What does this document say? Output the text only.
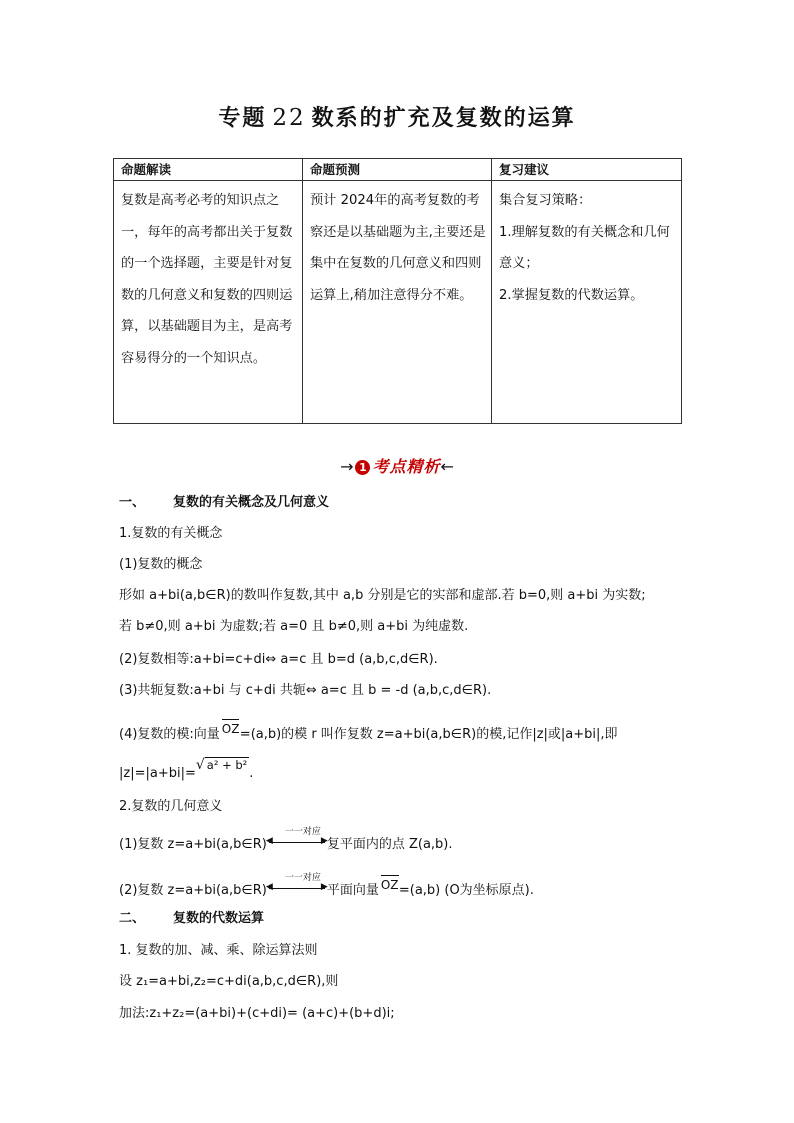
专题 22 数系的扩充及复数的运算
命题解读	命题预测	复习建议
复数是高考必考的知识点之一，每年的高考都出关于复数的一个选择题，主要是针对复数的几何意义和复数的四则运算，以基础题目为主，是高考容易得分的一个知识点。	预计 2024年的高考复数的考察还是以基础题为主,主要还是集中在复数的几何意义和四则运算上,稍加注意得分不难。	集合复习策略：
1.理解复数的有关概念和几何意义；
2.掌握复数的代数运算。
→ 1 考点精析←
一、 复数的有关概念及几何意义
1.复数的有关概念
(1)复数的概念
形如 a+bi(a,b∈R)的数叫作复数,其中 a,b 分别是它的实部和虚部.若 b=0,则 a+bi 为实数;
若 b≠0,则 a+bi 为虚数;若 a=0 且 b≠0,则 a+bi 为纯虚数.
(2)复数相等:a+bi=c+di⇔ a=c 且 b=d (a,b,c,d∈R).
(3)共轭复数:a+bi 与 c+di 共轭⇔ a=c 且 b = -d (a,b,c,d∈R).
(4)复数的模:向量 OZ =(a,b)的模 r 叫作复数 z=a+bi(a,b∈R)的模,记作|z|或|a+bi|,即
|z|=|a+bi|=√ a² + b².
2.复数的几何意义
(1)复数 z=a+bi(a,b∈R)
一一对应
◀	▶ 复平面内的点 Z(a,b).
(2)复数 z=a+bi(a,b∈R)
一一对应
◀	▶ 平面向量 OZ =(a,b) (O为坐标原点).
二、 复数的代数运算
1. 复数的加、减、乘、除运算法则
设 z₁=a+bi,z₂=c+di(a,b,c,d∈R),则
加法:z₁+z₂=(a+bi)+(c+di)= (a+c)+(b+d)i;
